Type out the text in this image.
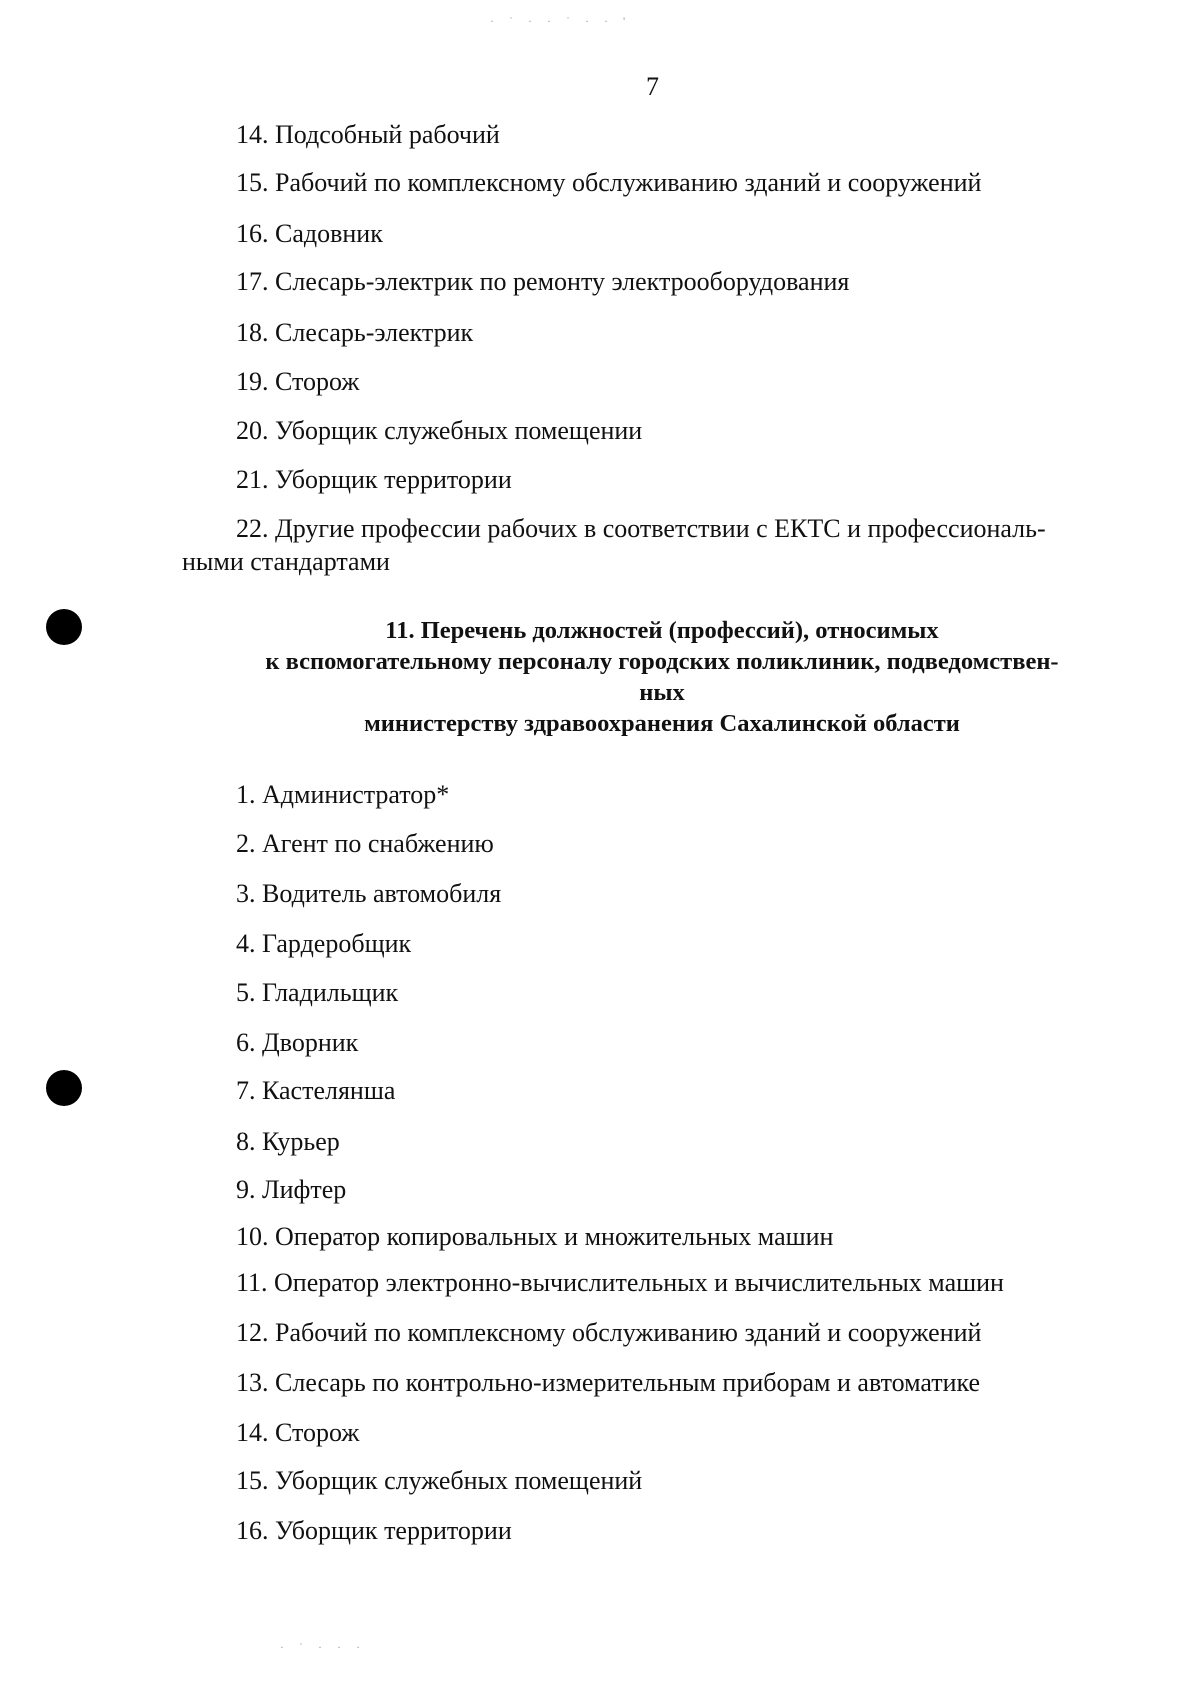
· ˙ · · ˙ · · '
· ˙ · · ·
7
14. Подсобный рабочий
15. Рабочий по комплексному обслуживанию зданий и сооружений
16. Садовник
17. Слесарь-электрик по ремонту электрооборудования
18. Слесарь-электрик
19. Сторож
20. Уборщик служебных помещении
21. Уборщик территории
22. Другие профессии рабочих в соответствии с ЕКТС и профессиональ-
ными стандартами
11. Перечень должностей (профессий), относимых
к вспомогательному персоналу городских поликлиник, подведомствен-
ных
министерству здравоохранения Сахалинской области
1. Администратор*
2. Агент по снабжению
3. Водитель автомобиля
4. Гардеробщик
5. Гладильщик
6. Дворник
7. Кастелянша
8. Курьер
9. Лифтер
10. Оператор копировальных и множительных машин
11. Оператор электронно-вычислительных и вычислительных машин
12. Рабочий по комплексному обслуживанию зданий и сооружений
13. Слесарь по контрольно-измерительным приборам и автоматике
14. Сторож
15. Уборщик служебных помещений
16. Уборщик территории
